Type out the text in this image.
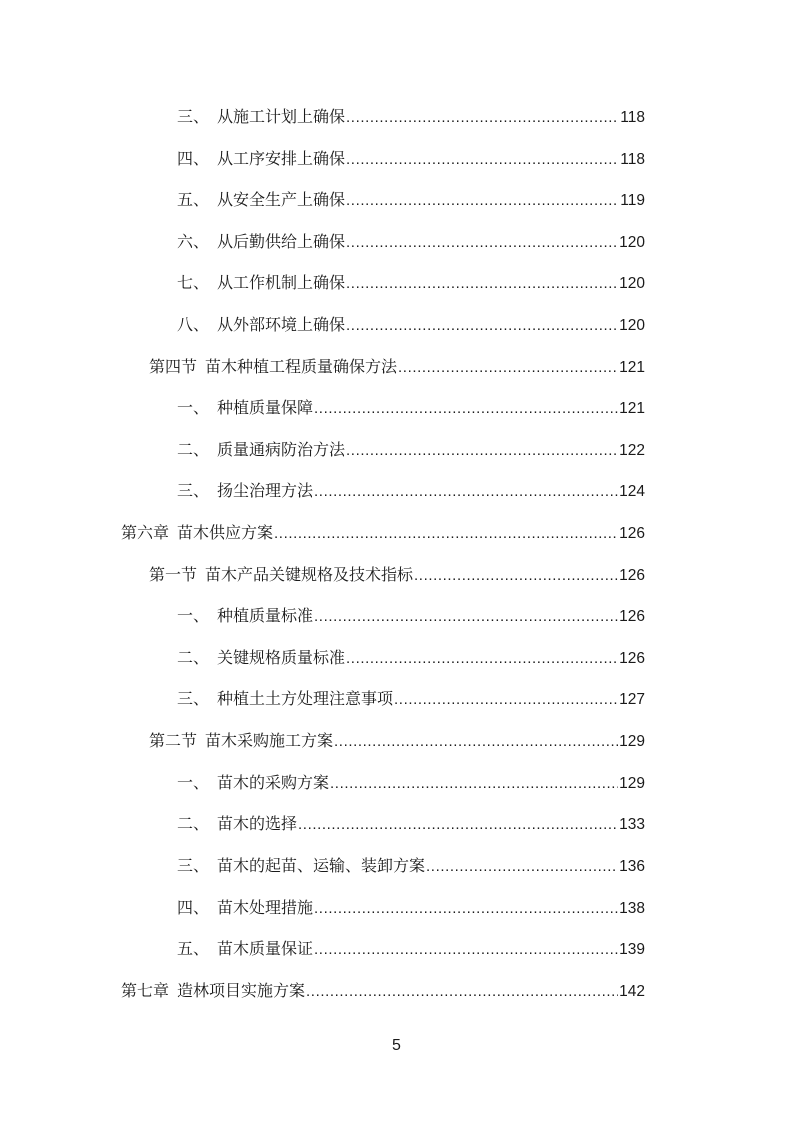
三、 从施工计划上确保 .....	118
四、 从工序安排上确保 .....	118
五、 从安全生产上确保 .....	119
六、 从后勤供给上确保 .....	120
七、 从工作机制上确保 .....	120
八、 从外部环境上确保 .....	120
第四节 苗木种植工程质量确保方法 .....	121
一、 种植质量保障 .....	121
二、 质量通病防治方法 .....	122
三、 扬尘治理方法 .....	124
第六章 苗木供应方案 .....	126
第一节 苗木产品关键规格及技术指标 .....	126
一、 种植质量标准 .....	126
二、 关键规格质量标准 .....	126
三、 种植土土方处理注意事项 .....	127
第二节 苗木采购施工方案 .....	129
一、 苗木的采购方案 .....	129
二、 苗木的选择 .....	133
三、 苗木的起苗、运输、装卸方案 .....	136
四、 苗木处理措施 .....	138
五、 苗木质量保证 .....	139
第七章 造林项目实施方案 .....	142
5
